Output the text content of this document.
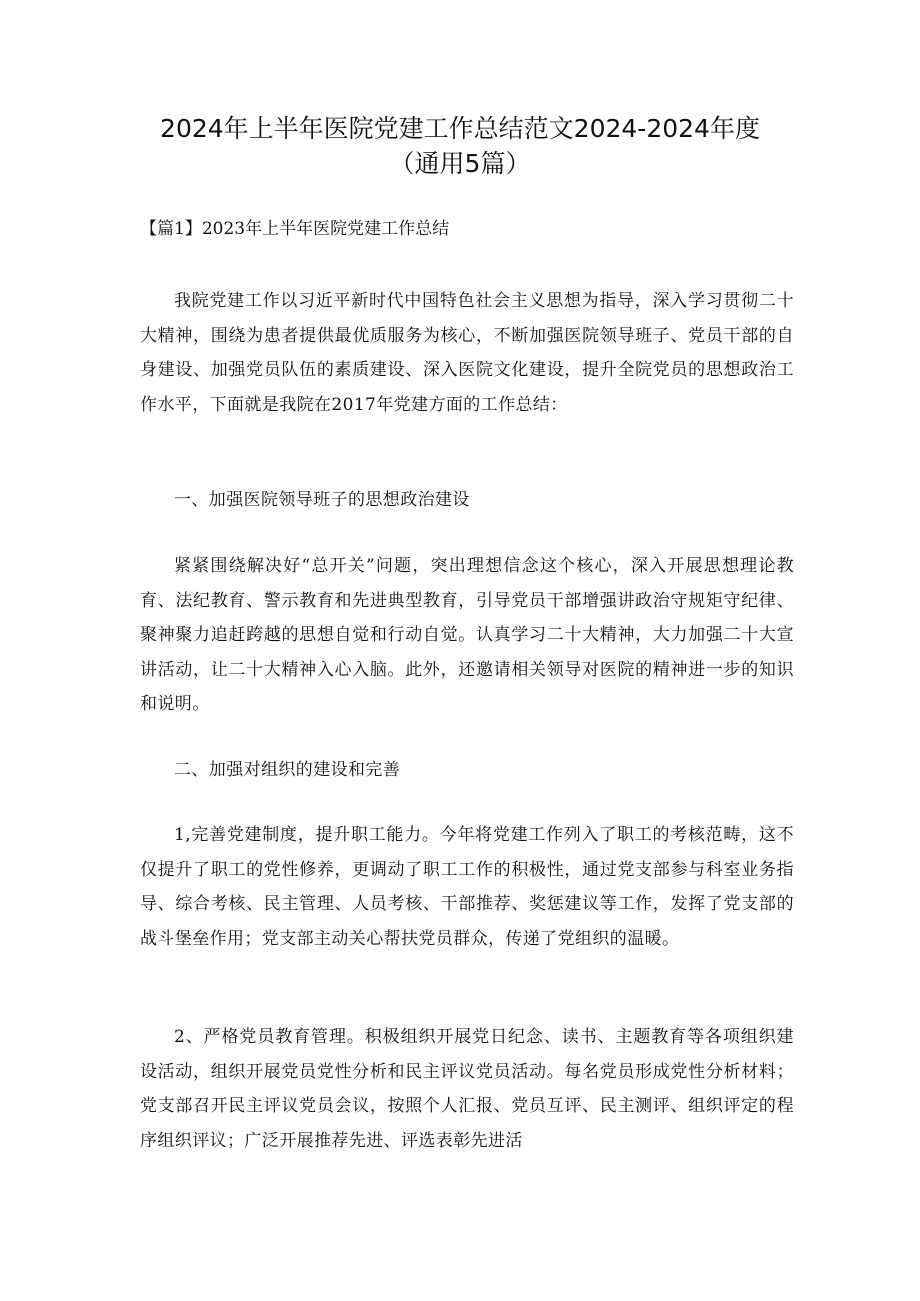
2024年上半年医院党建工作总结范文2024-2024年度
（通用5篇）

【篇1】2023年上半年医院党建工作总结

我院党建工作以习近平新时代中国特色社会主义思想为指导，深入学习贯彻二十大精神，围绕为患者提供最优质服务为核心，不断加强医院领导班子、党员干部的自身建设、加强党员队伍的素质建设、深入医院文化建设，提升全院党员的思想政治工作水平，下面就是我院在2017年党建方面的工作总结：

一、加强医院领导班子的思想政治建设

紧紧围绕解决好“总开关”问题，突出理想信念这个核心，深入开展思想理论教育、法纪教育、警示教育和先进典型教育，引导党员干部增强讲政治守规矩守纪律、聚神聚力追赶跨越的思想自觉和行动自觉。认真学习二十大精神，大力加强二十大宣讲活动，让二十大精神入心入脑。此外，还邀请相关领导对医院的精神进一步的知识和说明。

二、加强对组织的建设和完善

1,完善党建制度，提升职工能力。今年将党建工作列入了职工的考核范畴，这不仅提升了职工的党性修养，更调动了职工工作的积极性，通过党支部参与科室业务指导、综合考核、民主管理、人员考核、干部推荐、奖惩建议等工作，发挥了党支部的战斗堡垒作用；党支部主动关心帮扶党员群众，传递了党组织的温暖。

2、严格党员教育管理。积极组织开展党日纪念、读书、主题教育等各项组织建设活动，组织开展党员党性分析和民主评议党员活动。每名党员形成党性分析材料；党支部召开民主评议党员会议，按照个人汇报、党员互评、民主测评、组织评定的程序组织评议；广泛开展推荐先进、评选表彰先进活
